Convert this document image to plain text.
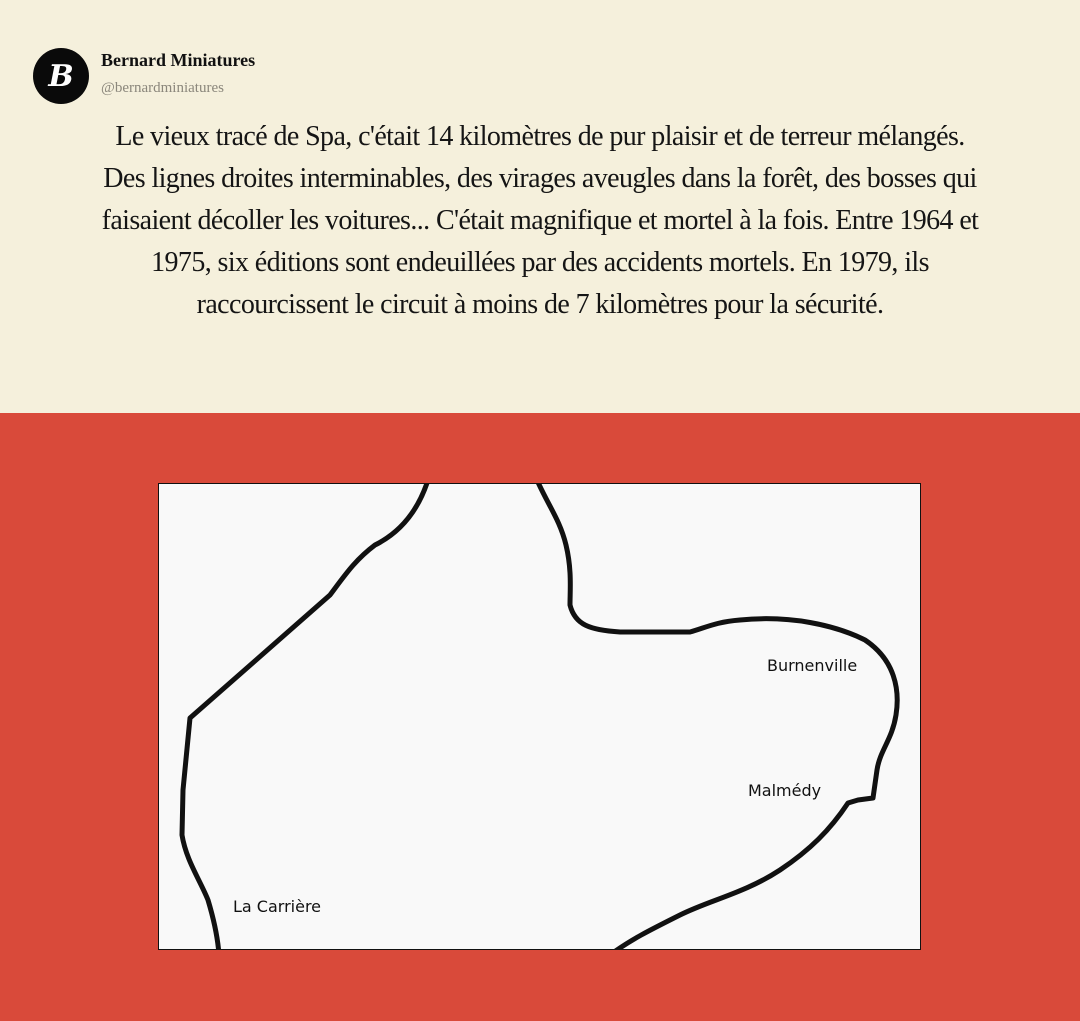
B Bernard Miniatures
@bernardminiatures
Le vieux tracé de Spa, c'était 14 kilomètres de pur plaisir et de terreur mélangés.
Des lignes droites interminables, des virages aveugles dans la forêt, des bosses qui
faisaient décoller les voitures... C'était magnifique et mortel à la fois. Entre 1964 et
1975, six éditions sont endeuillées par des accidents mortels. En 1979, ils
raccourcissent le circuit à moins de 7 kilomètres pour la sécurité.
Burnenville
Malmédy
La Carrière
